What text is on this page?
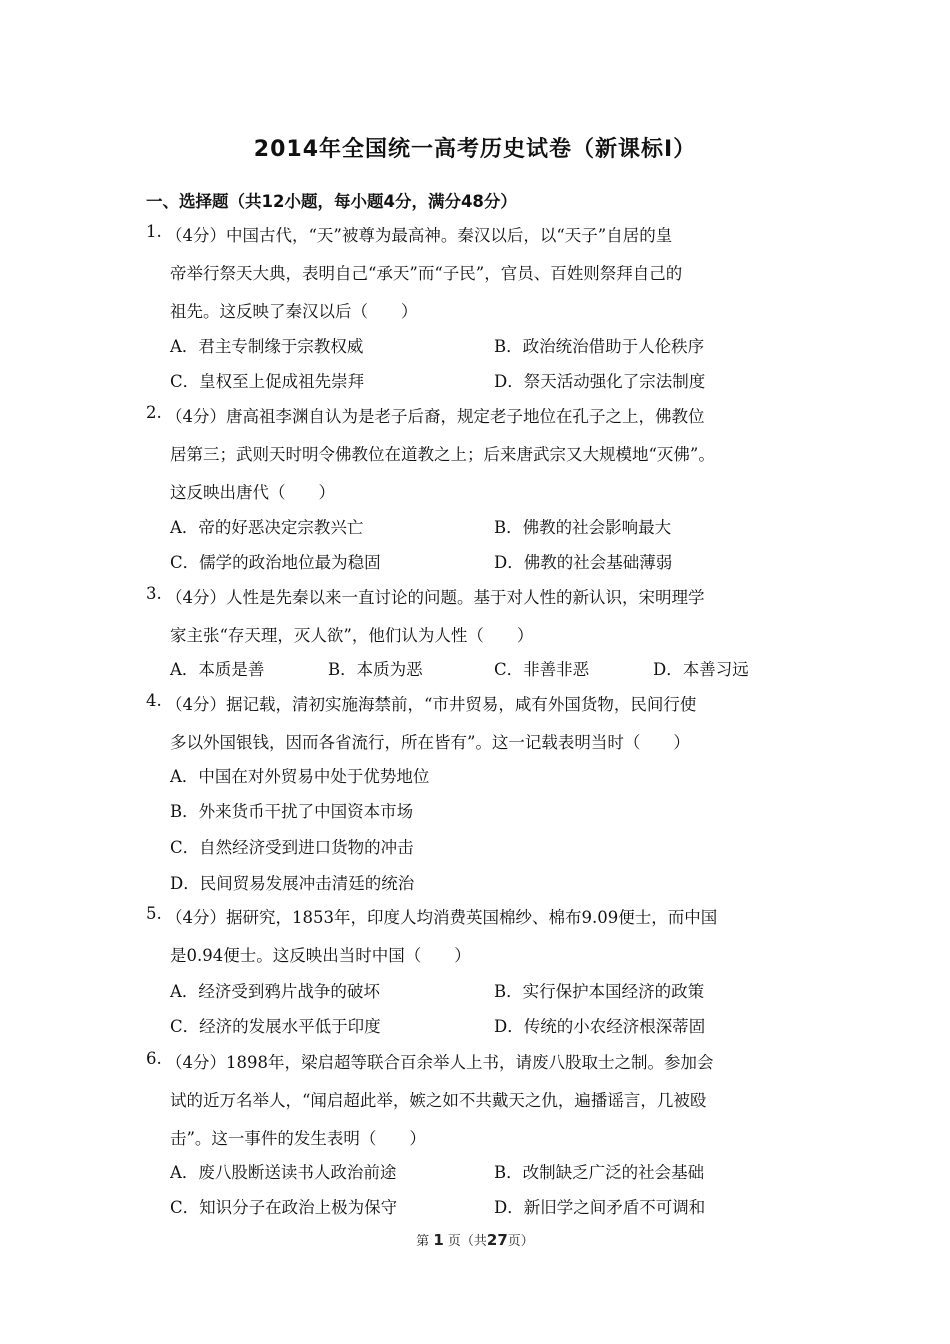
2014年全国统一高考历史试卷（新课标Ⅰ）
一、选择题（共12小题，每小题4分，满分48分）
1. （4分）中国古代，“天”被尊为最高神。秦汉以后，以“天子”自居的皇
帝举行祭天大典，表明自己“承天”而“子民”，官员、百姓则祭拜自己的
祖先。这反映了秦汉以后（　　）
A．君主专制缘于宗教权威	B．政治统治借助于人伦秩序
C．皇权至上促成祖先崇拜	D．祭天活动强化了宗法制度
2. （4分）唐高祖李渊自认为是老子后裔，规定老子地位在孔子之上，佛教位
居第三；武则天时明令佛教位在道教之上；后来唐武宗又大规模地“灭佛”。
这反映出唐代（　　）
A．帝的好恶决定宗教兴亡	B．佛教的社会影响最大
C．儒学的政治地位最为稳固	D．佛教的社会基础薄弱
3. （4分）人性是先秦以来一直讨论的问题。基于对人性的新认识，宋明理学
家主张“存天理，灭人欲”，他们认为人性（　　）
A．本质是善	B．本质为恶	C．非善非恶	D．本善习远
4. （4分）据记载，清初实施海禁前，“市井贸易，咸有外国货物，民间行使
多以外国银钱，因而各省流行，所在皆有”。这一记载表明当时（　　）
A．中国在对外贸易中处于优势地位
B．外来货币干扰了中国资本市场
C．自然经济受到进口货物的冲击
D．民间贸易发展冲击清廷的统治
5. （4分）据研究，1853年，印度人均消费英国棉纱、棉布9.09便士，而中国
是0.94便士。这反映出当时中国（　　）
A．经济受到鸦片战争的破坏	B．实行保护本国经济的政策
C．经济的发展水平低于印度	D．传统的小农经济根深蒂固
6. （4分）1898年，梁启超等联合百余举人上书，请废八股取士之制。参加会
试的近万名举人，“闻启超此举，嫉之如不共戴天之仇，遍播谣言，几被殴
击”。这一事件的发生表明（　　）
A．废八股断送读书人政治前途	B．改制缺乏广泛的社会基础
C．知识分子在政治上极为保守	D．新旧学之间矛盾不可调和
第 1 页（共27页）
